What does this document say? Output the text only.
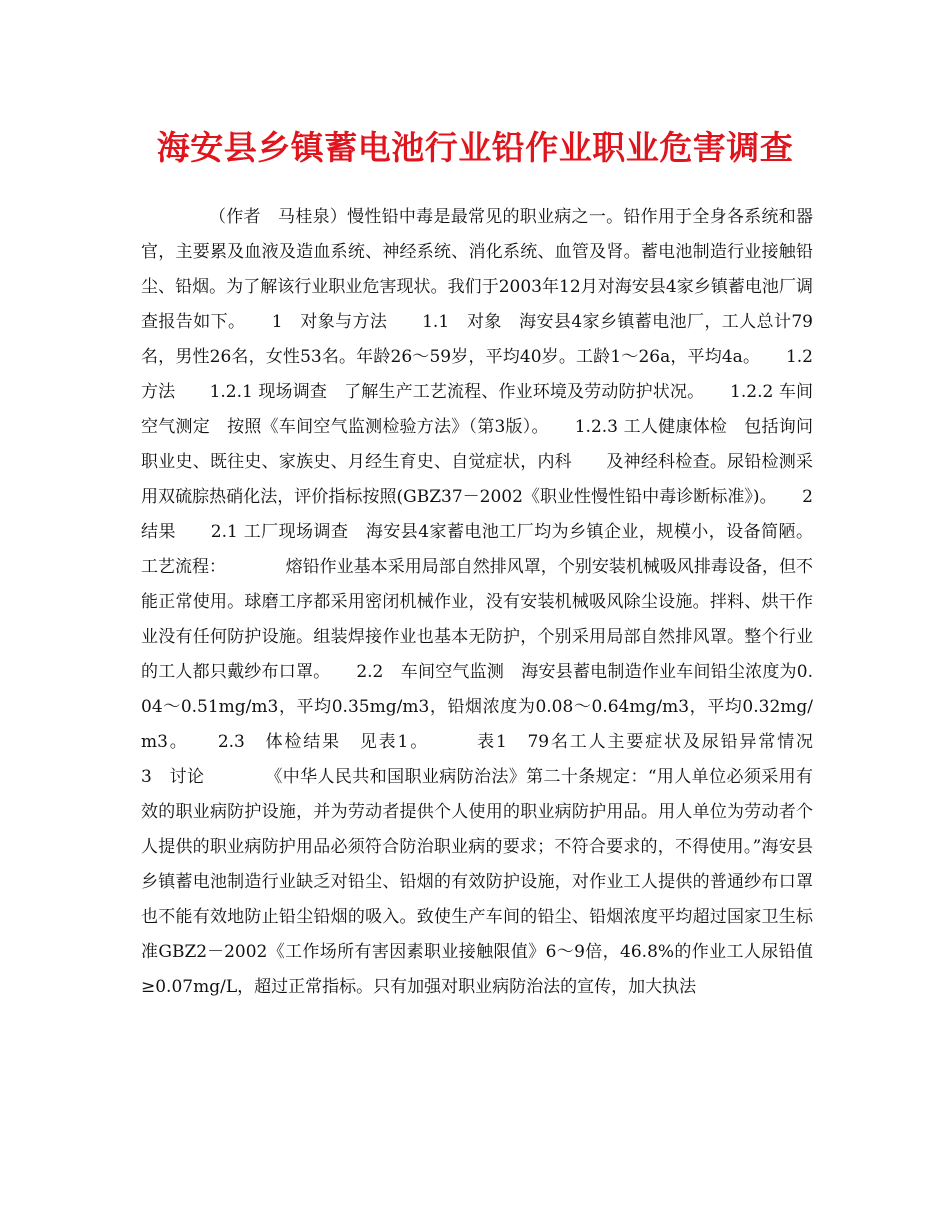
海安县乡镇蓄电池行业铅作业职业危害调查

（作者　马桂泉）慢性铅中毒是最常见的职业病之一。铅作用于全身各系统和器官，主要累及血液及造血系统、神经系统、消化系统、血管及肾。蓄电池制造行业接触铅尘、铅烟。为了解该行业职业危害现状。我们于2003年12月对海安县4家乡镇蓄电池厂调查报告如下。　　1　对象与方法　　1.1　对象　海安县4家乡镇蓄电池厂，工人总计79名，男性26名，女性53名。年龄26～59岁，平均40岁。工龄1～26a，平均4a。　　1.2 方法　　1.2.1 现场调查　了解生产工艺流程、作业环境及劳动防护状况。　　1.2.2 车间空气测定　按照《车间空气监测检验方法》（第3版）。　　1.2.3 工人健康体检　包括询问职业史、既往史、家族史、月经生育史、自觉症状，内科　　及神经科检查。尿铅检测采用双硫腙热硝化法，评价指标按照(GBZ37－2002《职业性慢性铅中毒诊断标准》)。　　2　结果　　2.1 工厂现场调查　海安县4家蓄电池工厂均为乡镇企业，规模小，设备简陋。工艺流程：　　　　熔铅作业基本采用局部自然排风罩，个别安装机械吸风排毒设备，但不能正常使用。球磨工序都采用密闭机械作业，没有安装机械吸风除尘设施。拌料、烘干作业没有任何防护设施。组装焊接作业也基本无防护，个别采用局部自然排风罩。整个行业的工人都只戴纱布口罩。　　2.2　车间空气监测　海安县蓄电制造作业车间铅尘浓度为0.04～0.51mg/m3，平均0.35mg/m3，铅烟浓度为0.08～0.64mg/m3，平均0.32mg/m3。　　2.3　体检结果　见表1。　　　表1　79名工人主要症状及尿铅异常情况　　　　　　3　讨论　　　　《中华人民共和国职业病防治法》第二十条规定：“用人单位必须采用有效的职业病防护设施，并为劳动者提供个人使用的职业病防护用品。用人单位为劳动者个人提供的职业病防护用品必须符合防治职业病的要求；不符合要求的，不得使用。”海安县乡镇蓄电池制造行业缺乏对铅尘、铅烟的有效防护设施，对作业工人提供的普通纱布口罩也不能有效地防止铅尘铅烟的吸入。致使生产车间的铅尘、铅烟浓度平均超过国家卫生标准GBZ2－2002《工作场所有害因素职业接触限值》6～9倍，46.8%的作业工人尿铅值≥0.07mg/L，超过正常指标。只有加强对职业病防治法的宣传，加大执法
